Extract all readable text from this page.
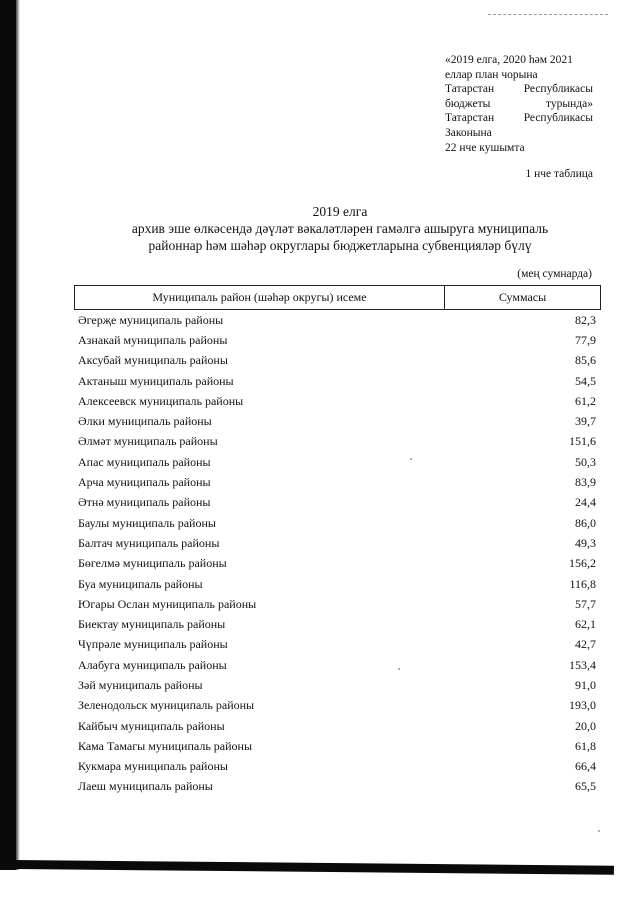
«2019 елга, 2020 һәм 2021
еллар план чорына
Татарстан	Республикасы
бюджеты	турында»
Татарстан	Республикасы
Законына
22 нче кушымта
1 нче таблица
2019 елга
архив эше өлкәсендә дәүләт вәкаләтләрен гамәлгә ашыруга муниципаль
районнар һәм шәһәр округлары бюджетларына субвенцияләр бүлү
(мең сумнарда)
Муниципаль район (шәһәр округы) исеме	Суммасы
Әгерҗе муниципаль районы	82,3
Азнакай муниципаль районы	77,9
Аксубай муниципаль районы	85,6
Актаныш муниципаль районы	54,5
Алексеевск муниципаль районы	61,2
Әлки муниципаль районы	39,7
Әлмәт муниципаль районы	151,6
Апас муниципаль районы	50,3
Арча муниципаль районы	83,9
Әтнә муниципаль районы	24,4
Баулы муниципаль районы	86,0
Балтач муниципаль районы	49,3
Бөгелмә муниципаль районы	156,2
Буа муниципаль районы	116,8
Югары Ослан муниципаль районы	57,7
Биектау муниципаль районы	62,1
Чүпрәле муниципаль районы	42,7
Алабуга муниципаль районы	153,4
Зәй муниципаль районы	91,0
Зеленодольск муниципаль районы	193,0
Кайбыч муниципаль районы	20,0
Кама Тамагы муниципаль районы	61,8
Кукмара муниципаль районы	66,4
Лаеш муниципаль районы	65,5
